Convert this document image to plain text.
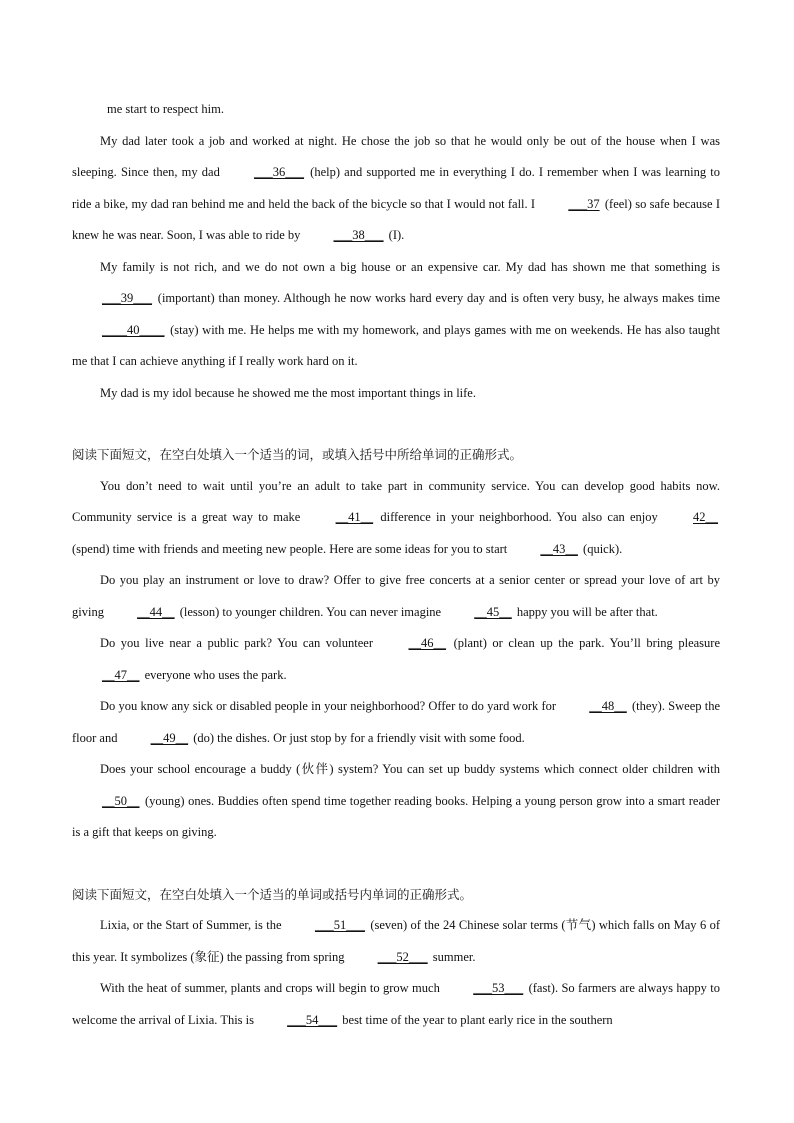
me start to respect him.

My dad later took a job and worked at night. He chose the job so that he would only be out of the house when I was sleeping. Since then, my dad ___36___ (help) and supported me in everything I do. I remember when I was learning to ride a bike, my dad ran behind me and held the back of the bicycle so that I would not fall. I ___37 (feel) so safe because I knew he was near. Soon, I was able to ride by ___38___ (I).

My family is not rich, and we do not own a big house or an expensive car. My dad has shown me that something is ___39___ (important) than money. Although he now works hard every day and is often very busy, he always makes time ____40____ (stay) with me. He helps me with my homework, and plays games with me on weekends. He has also taught me that I can achieve anything if I really work hard on it.

My dad is my idol because he showed me the most important things in life.

阅读下面短文，在空白处填入一个适当的词，或填入括号中所给单词的正确形式。

You don’t need to wait until you’re an adult to take part in community service. You can develop good habits now. Community service is a great way to make __41__ difference in your neighborhood. You also can enjoy 42__ (spend) time with friends and meeting new people. Here are some ideas for you to start __43__ (quick).

Do you play an instrument or love to draw? Offer to give free concerts at a senior center or spread your love of art by giving __44__ (lesson) to younger children. You can never imagine __45__ happy you will be after that.

Do you live near a public park? You can volunteer __46__ (plant) or clean up the park. You’ll bring pleasure __47__ everyone who uses the park.

Do you know any sick or disabled people in your neighborhood? Offer to do yard work for __48__ (they). Sweep the floor and __49__ (do) the dishes. Or just stop by for a friendly visit with some food.

Does your school encourage a buddy (伙伴) system? You can set up buddy systems which connect older children with __50__ (young) ones. Buddies often spend time together reading books. Helping a young person grow into a smart reader is a gift that keeps on giving.

阅读下面短文，在空白处填入一个适当的单词或括号内单词的正确形式。

Lixia, or the Start of Summer, is the ___51___ (seven) of the 24 Chinese solar terms (节气) which falls on May 6 of this year. It symbolizes (象征) the passing from spring ___52___ summer.

With the heat of summer, plants and crops will begin to grow much ___53___ (fast). So farmers are always happy to welcome the arrival of Lixia. This is ___54___ best time of the year to plant early rice in the southern
